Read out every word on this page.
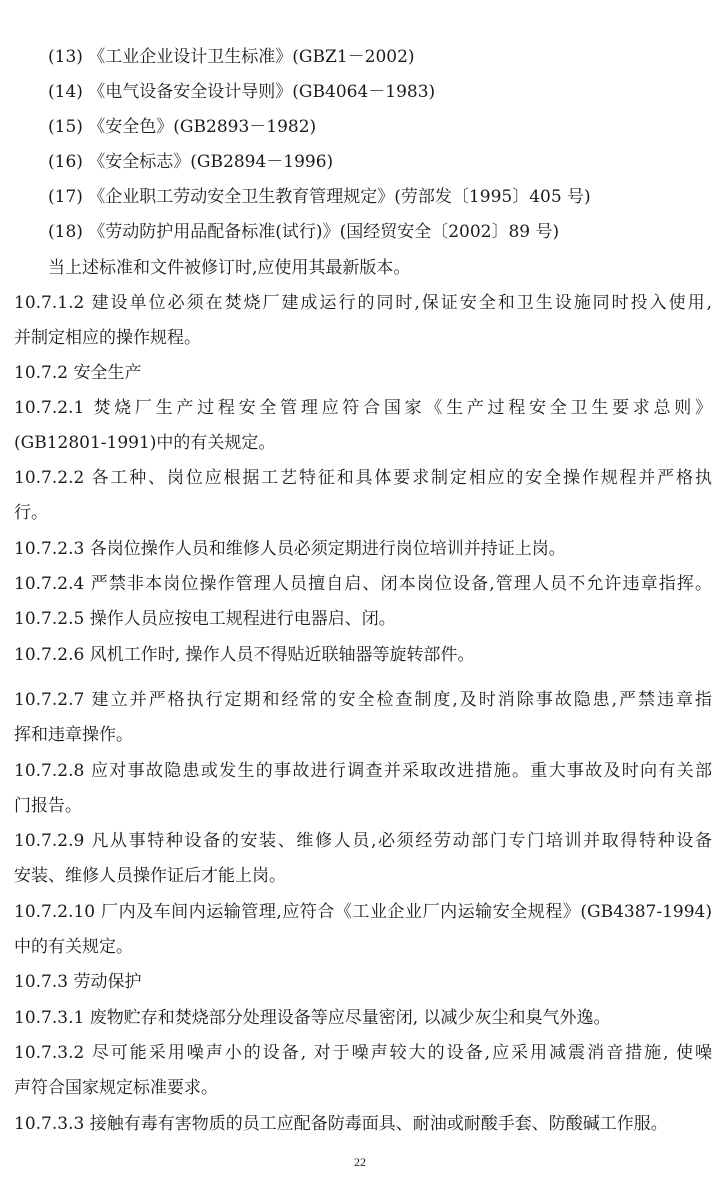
(13) 《工业企业设计卫生标准》(GBZ1－2002)
(14) 《电气设备安全设计导则》(GB4064－1983)
(15) 《安全色》(GB2893－1982)
(16) 《安全标志》(GB2894－1996)
(17) 《企业职工劳动安全卫生教育管理规定》(劳部发〔1995〕405 号)
(18) 《劳动防护用品配备标准(试行)》(国经贸安全〔2002〕89 号)
当上述标准和文件被修订时,应使用其最新版本。
10.7.1.2 建设单位必须在焚烧厂建成运行的同时,保证安全和卫生设施同时投入使用,
并制定相应的操作规程。
10.7.2 安全生产
10.7.2.1 焚烧厂生产过程安全管理应符合国家《生产过程安全卫生要求总则》
(GB12801-1991)中的有关规定。
10.7.2.2 各工种、岗位应根据工艺特征和具体要求制定相应的安全操作规程并严格执
行。
10.7.2.3 各岗位操作人员和维修人员必须定期进行岗位培训并持证上岗。
10.7.2.4 严禁非本岗位操作管理人员擅自启、闭本岗位设备,管理人员不允许违章指挥。
10.7.2.5 操作人员应按电工规程进行电器启、闭。
10.7.2.6 风机工作时, 操作人员不得贴近联轴器等旋转部件。
10.7.2.7 建立并严格执行定期和经常的安全检查制度,及时消除事故隐患,严禁违章指
挥和违章操作。
10.7.2.8 应对事故隐患或发生的事故进行调查并采取改进措施。重大事故及时向有关部
门报告。
10.7.2.9 凡从事特种设备的安装、维修人员,必须经劳动部门专门培训并取得特种设备
安装、维修人员操作证后才能上岗。
10.7.2.10 厂内及车间内运输管理,应符合《工业企业厂内运输安全规程》(GB4387-1994)
中的有关规定。
10.7.3 劳动保护
10.7.3.1 废物贮存和焚烧部分处理设备等应尽量密闭, 以减少灰尘和臭气外逸。
10.7.3.2 尽可能采用噪声小的设备, 对于噪声较大的设备,应采用减震消音措施, 使噪
声符合国家规定标准要求。
10.7.3.3 接触有毒有害物质的员工应配备防毒面具、耐油或耐酸手套、防酸碱工作服。
22
